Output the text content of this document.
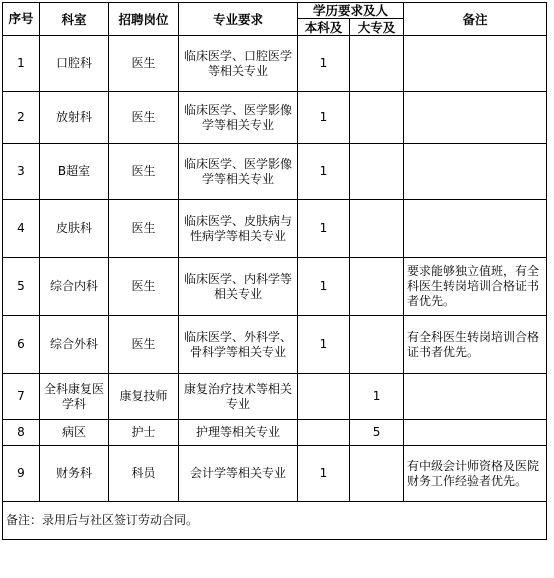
序号	科室	招聘岗位	专业要求	学历要求及人		备注
				本科及	大专及	
1	口腔科	医生	临床医学、口腔医学等相关专业	1		
2	放射科	医生	临床医学、医学影像学等相关专业	1		
3	B超室	医生	临床医学、医学影像学等相关专业	1		
4	皮肤科	医生	临床医学、皮肤病与性病学等相关专业	1		
5	综合内科	医生	临床医学、内科学等相关专业	1		要求能够独立值班，有全科医生转岗培训合格证书者优先。
6	综合外科	医生	临床医学、外科学、骨科学等相关专业	1		有全科医生转岗培训合格证书者优先。
7	全科康复医学科	康复技师	康复治疗技术等相关专业		1	
8	病区	护士	护理等相关专业		5	
9	财务科	科员	会计学等相关专业	1		有中级会计师资格及医院财务工作经验者优先。
备注：录用后与社区签订劳动合同。						
